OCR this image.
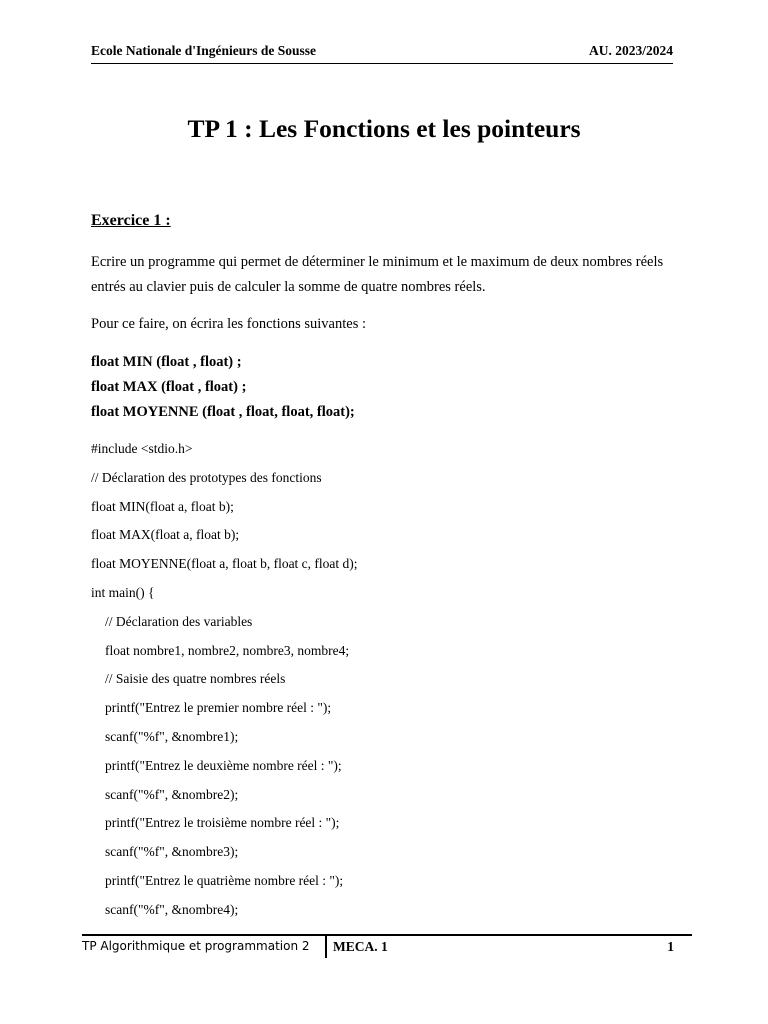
Ecole Nationale d'Ingénieurs de Sousse	AU. 2023/2024
TP 1 : Les Fonctions et les pointeurs
Exercice 1 :
Ecrire un programme qui permet de déterminer le minimum et le maximum de deux nombres réels entrés au clavier puis de calculer la somme de quatre nombres réels.
Pour ce faire, on écrira les fonctions suivantes :
float MIN (float , float) ;
float MAX (float , float) ;
float MOYENNE (float , float, float, float);
#include <stdio.h>
// Déclaration des prototypes des fonctions
float MIN(float a, float b);
float MAX(float a, float b);
float MOYENNE(float a, float b, float c, float d);
int main() {
// Déclaration des variables
float nombre1, nombre2, nombre3, nombre4;
// Saisie des quatre nombres réels
printf("Entrez le premier nombre réel : ");
scanf("%f", &nombre1);
printf("Entrez le deuxième nombre réel : ");
scanf("%f", &nombre2);
printf("Entrez le troisième nombre réel : ");
scanf("%f", &nombre3);
printf("Entrez le quatrième nombre réel : ");
scanf("%f", &nombre4);
TP Algorithmique et programmation 2 MECA. 1	1
